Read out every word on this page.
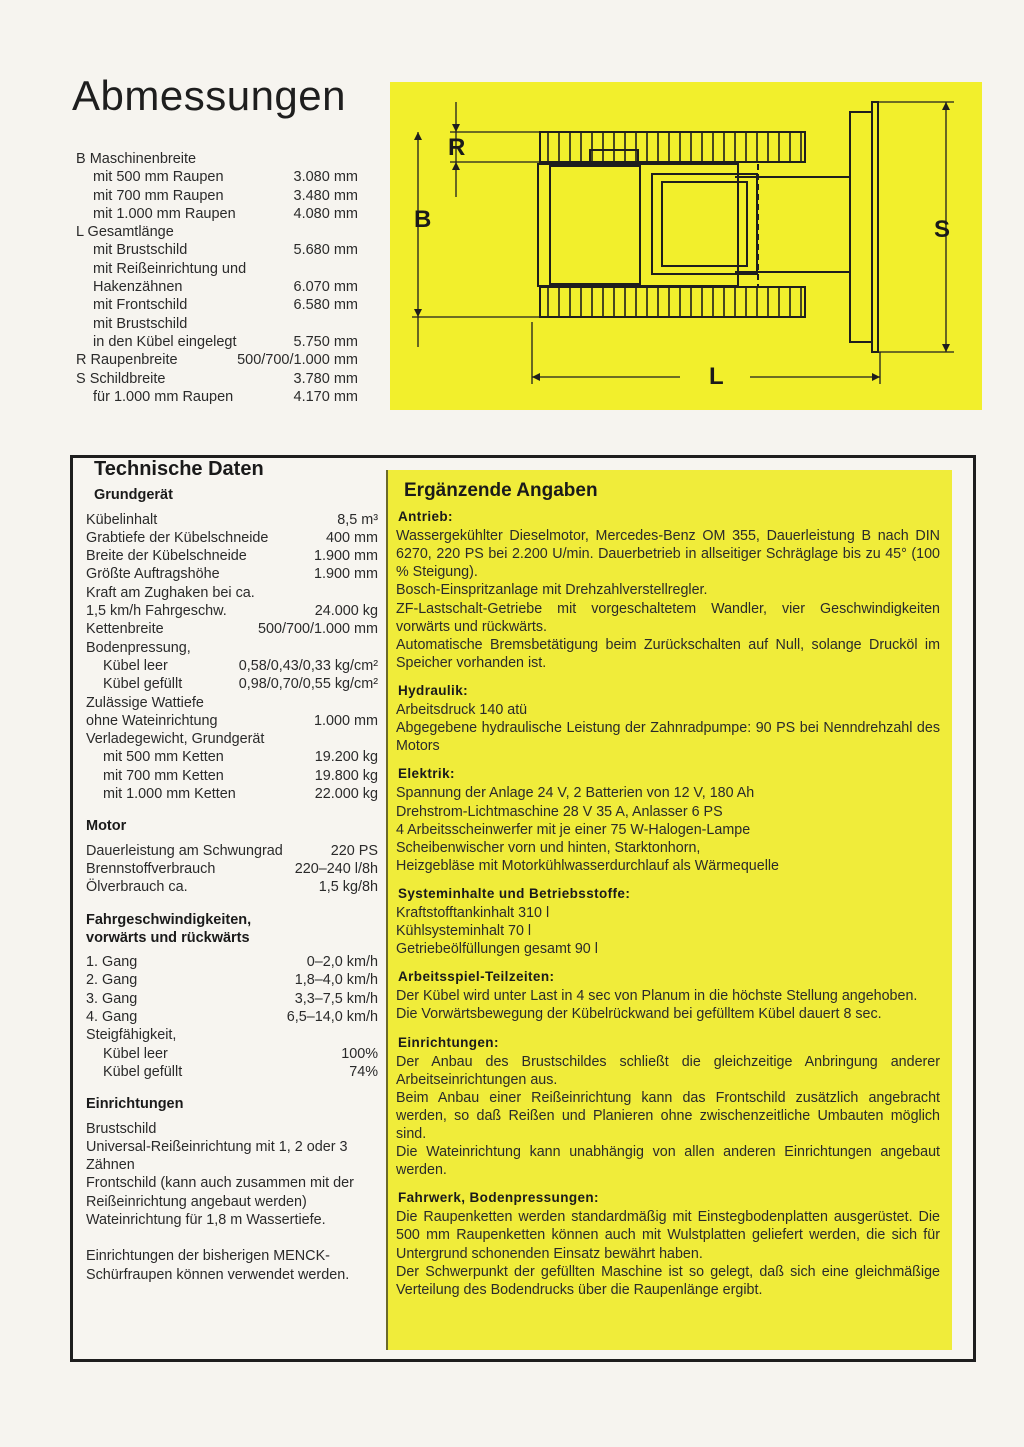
Abmessungen
B Maschinenbreite
mit 500 mm Raupen	3.080 mm
mit 700 mm Raupen	3.480 mm
mit 1.000 mm Raupen	4.080 mm
L Gesamtlänge
mit Brustschild	5.680 mm
mit Reißeinrichtung und
Hakenzähnen	6.070 mm
mit Frontschild	6.580 mm
mit Brustschild
in den Kübel eingelegt	5.750 mm
R Raupenbreite	500/700/1.000 mm
S Schildbreite	3.780 mm
für 1.000 mm Raupen	4.170 mm
R
B	S
L
Technische Daten
Grundgerät
Kübelinhalt	8,5 m³
Grabtiefe der Kübelschneide	400 mm
Breite der Kübelschneide	1.900 mm
Größte Auftragshöhe	1.900 mm
Kraft am Zughaken bei ca.
1,5 km/h Fahrgeschw.	24.000 kg
Kettenbreite	500/700/1.000 mm
Bodenpressung,
Kübel leer	0,58/0,43/0,33 kg/cm²
Kübel gefüllt	0,98/0,70/0,55 kg/cm²
Zulässige Wattiefe
ohne Wateinrichtung	1.000 mm
Verladegewicht, Grundgerät
mit 500 mm Ketten	19.200 kg
mit 700 mm Ketten	19.800 kg
mit 1.000 mm Ketten	22.000 kg
Motor
Dauerleistung am Schwungrad	220 PS
Brennstoffverbrauch	220–240 l/8h
Ölverbrauch ca.	1,5 kg/8h
Fahrgeschwindigkeiten,
vorwärts und rückwärts
1. Gang	0–2,0 km/h
2. Gang	1,8–4,0 km/h
3. Gang	3,3–7,5 km/h
4. Gang	6,5–14,0 km/h
Steigfähigkeit,
Kübel leer	100%
Kübel gefüllt	74%
Einrichtungen
Brustschild
Universal-Reißeinrichtung mit 1, 2 oder 3 Zähnen
Frontschild (kann auch zusammen mit der Reißeinrichtung angebaut werden)
Wateinrichtung für 1,8 m Wassertiefe.
Einrichtungen der bisherigen MENCK-Schürfraupen können verwendet werden.
Ergänzende Angaben
Antrieb:
Wassergekühlter Dieselmotor, Mercedes-Benz OM 355, Dauerleistung B nach DIN 6270, 220 PS bei 2.200 U/min. Dauerbetrieb in allseitiger Schräglage bis zu 45° (100 % Steigung).
Bosch-Einspritzanlage mit Drehzahlverstellregler.
ZF-Lastschalt-Getriebe mit vorgeschaltetem Wandler, vier Geschwindigkeiten vorwärts und rückwärts.
Automatische Bremsbetätigung beim Zurückschalten auf Null, solange Drucköl im Speicher vorhanden ist.
Hydraulik:
Arbeitsdruck 140 atü
Abgegebene hydraulische Leistung der Zahnradpumpe: 90 PS bei Nenndrehzahl des Motors
Elektrik:
Spannung der Anlage 24 V, 2 Batterien von 12 V, 180 Ah
Drehstrom-Lichtmaschine 28 V 35 A, Anlasser 6 PS
4 Arbeitsscheinwerfer mit je einer 75 W-Halogen-Lampe
Scheibenwischer vorn und hinten, Starktonhorn,
Heizgebläse mit Motorkühlwasserdurchlauf als Wärmequelle
Systeminhalte und Betriebsstoffe:
Kraftstofftankinhalt 310 l
Kühlsysteminhalt 70 l
Getriebeölfüllungen gesamt 90 l
Arbeitsspiel-Teilzeiten:
Der Kübel wird unter Last in 4 sec von Planum in die höchste Stellung angehoben.
Die Vorwärtsbewegung der Kübelrückwand bei gefülltem Kübel dauert 8 sec.
Einrichtungen:
Der Anbau des Brustschildes schließt die gleichzeitige Anbringung anderer Arbeitseinrichtungen aus.
Beim Anbau einer Reißeinrichtung kann das Frontschild zusätzlich angebracht werden, so daß Reißen und Planieren ohne zwischenzeitliche Umbauten möglich sind.
Die Wateinrichtung kann unabhängig von allen anderen Einrichtungen angebaut werden.
Fahrwerk, Bodenpressungen:
Die Raupenketten werden standardmäßig mit Einstegbodenplatten ausgerüstet. Die 500 mm Raupenketten können auch mit Wulstplatten geliefert werden, die sich für Untergrund schonenden Einsatz bewährt haben.
Der Schwerpunkt der gefüllten Maschine ist so gelegt, daß sich eine gleichmäßige Verteilung des Bodendrucks über die Raupenlänge ergibt.
